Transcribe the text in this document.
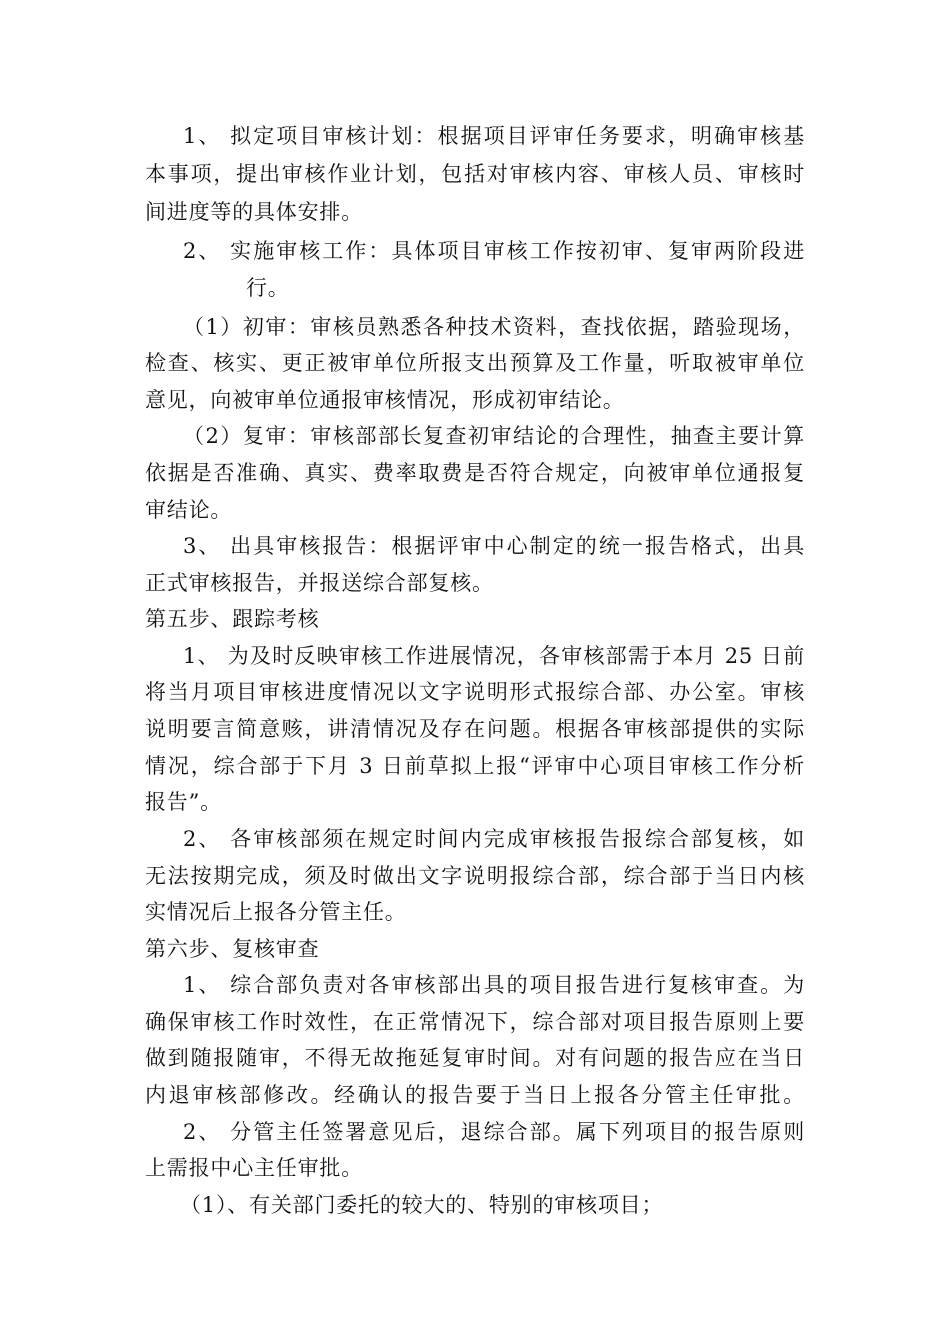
1、 拟定项目审核计划：根据项目评审任务要求，明确审核基
本事项，提出审核作业计划，包括对审核内容、审核人员、审核时
间进度等的具体安排。
2、 实施审核工作：具体项目审核工作按初审、复审两阶段进
行。
（1）初审：审核员熟悉各种技术资料，查找依据，踏验现场，
检查、核实、更正被审单位所报支出预算及工作量，听取被审单位
意见，向被审单位通报审核情况，形成初审结论。
（2）复审：审核部部长复查初审结论的合理性，抽查主要计算
依据是否准确、真实、费率取费是否符合规定，向被审单位通报复
审结论。
3、 出具审核报告：根据评审中心制定的统一报告格式，出具
正式审核报告，并报送综合部复核。
第五步、跟踪考核
1、 为及时反映审核工作进展情况，各审核部需于本月 25 日前
将当月项目审核进度情况以文字说明形式报综合部、办公室。审核
说明要言简意赅，讲清情况及存在问题。根据各审核部提供的实际
情况，综合部于下月 3 日前草拟上报“评审中心项目审核工作分析
报告”。
2、 各审核部须在规定时间内完成审核报告报综合部复核，如
无法按期完成，须及时做出文字说明报综合部，综合部于当日内核
实情况后上报各分管主任。
第六步、复核审查
1、 综合部负责对各审核部出具的项目报告进行复核审查。为
确保审核工作时效性，在正常情况下，综合部对项目报告原则上要
做到随报随审，不得无故拖延复审时间。对有问题的报告应在当日
内退审核部修改。经确认的报告要于当日上报各分管主任审批。
2、 分管主任签署意见后，退综合部。属下列项目的报告原则
上需报中心主任审批。
（1）、有关部门委托的较大的、特别的审核项目；
